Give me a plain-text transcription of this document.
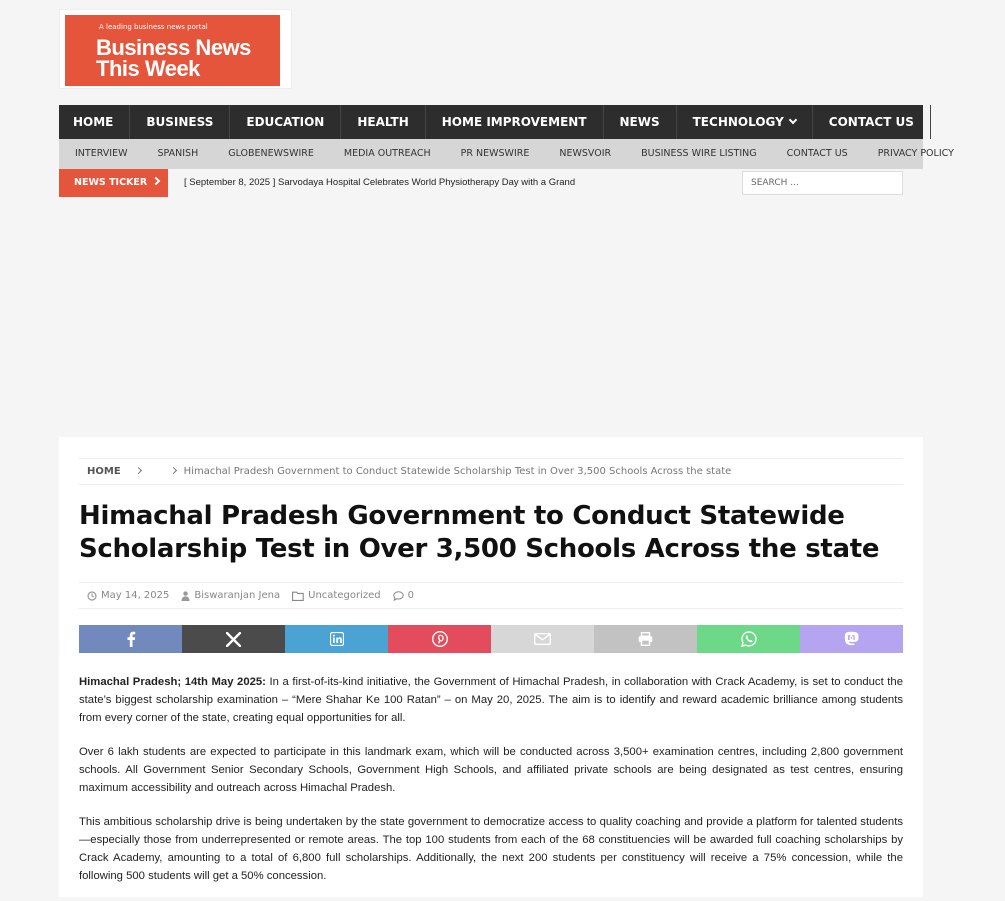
A leading business news portal
Business News
This Week
HOME	BUSINESS	EDUCATION	HEALTH	HOME IMPROVEMENT	NEWS	TECHNOLOGY	CONTACT US
INTERVIEW	SPANISH	GLOBENEWSWIRE	MEDIA OUTREACH	PR NEWSWIRE	NEWSVOIR	BUSINESS WIRE LISTING	CONTACT US	PRIVACY POLICY
NEWS TICKER	[ September 8, 2025 ] Sarvodaya Hospital Celebrates World Physiotherapy Day with a Grand	SEARCH ...
HOME	Himachal Pradesh Government to Conduct Statewide Scholarship Test in Over 3,500 Schools Across the state
Himachal Pradesh Government to Conduct Statewide
Scholarship Test in Over 3,500 Schools Across the state
May 14, 2025	Biswaranjan Jena	Uncategorized	0

Himachal Pradesh; 14th May 2025: In a first-of-its-kind initiative, the Government of Himachal Pradesh, in collaboration with Crack Academy, is set to conduct the state’s biggest scholarship examination – “Mere Shahar Ke 100 Ratan” – on May 20, 2025. The aim is to identify and reward academic brilliance among students from every corner of the state, creating equal opportunities for all.

Over 6 lakh students are expected to participate in this landmark exam, which will be conducted across 3,500+ examination centres, including 2,800 government schools. All Government Senior Secondary Schools, Government High Schools, and affiliated private schools are being designated as test centres, ensuring maximum accessibility and outreach across Himachal Pradesh.

This ambitious scholarship drive is being undertaken by the state government to democratize access to quality coaching and provide a platform for talented students—especially those from underrepresented or remote areas. The top 100 students from each of the 68 constituencies will be awarded full coaching scholarships by Crack Academy, amounting to a total of 6,800 full scholarships. Additionally, the next 200 students per constituency will receive a 75% concession, while the following 500 students will get a 50% concession.
